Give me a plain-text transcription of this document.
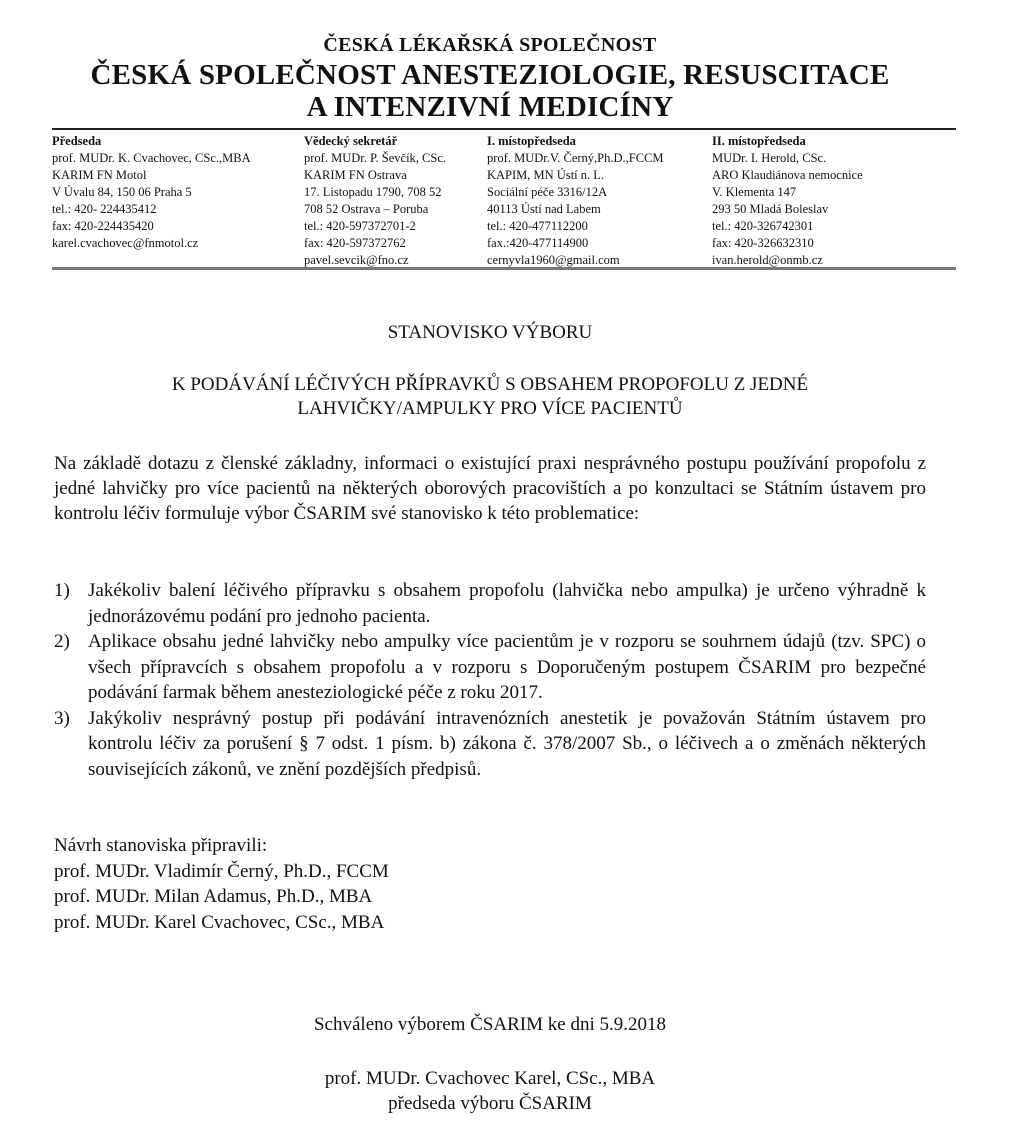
ČESKÁ LÉKAŘSKÁ SPOLEČNOST
ČESKÁ SPOLEČNOST ANESTEZIOLOGIE, RESUSCITACE
A INTENZIVNÍ MEDICÍNY
Předseda
prof. MUDr. K. Cvachovec, CSc.,MBA
KARIM FN Motol
V Úvalu 84, 150 06 Praha 5
tel.: 420- 224435412
fax: 420-224435420
karel.cvachovec@fnmotol.cz
Vědecký sekretář
prof. MUDr. P. Ševčík, CSc.
KARIM FN Ostrava
17. Listopadu 1790, 708 52
708 52 Ostrava – Poruba
tel.: 420-597372701-2
fax: 420-597372762
pavel.sevcik@fno.cz
I. místopředseda
prof. MUDr.V. Černý,Ph.D.,FCCM
KAPIM, MN Ústí n. L.
Sociální péče 3316/12A
40113 Ústí nad Labem
tel.: 420-477112200
fax.:420-477114900
cernyvla1960@gmail.com
II. místopředseda
MUDr. I. Herold, CSc.
ARO Klaudiánova nemocnice
V. Klementa 147
293 50 Mladá Boleslav
tel.: 420-326742301
fax: 420-326632310
ivan.herold@onmb.cz
STANOVISKO VÝBORU
K PODÁVÁNÍ LÉČIVÝCH PŘÍPRAVKŮ S OBSAHEM PROPOFOLU Z JEDNÉ
LAHVIČKY/AMPULKY PRO VÍCE PACIENTŮ
Na základě dotazu z členské základny, informaci o existující praxi nesprávného postupu používání propofolu z jedné lahvičky pro více pacientů na některých oborových pracovištích a po konzultaci se Státním ústavem pro kontrolu léčiv formuluje výbor ČSARIM své stanovisko k této problematice:
1) Jakékoliv balení léčivého přípravku s obsahem propofolu (lahvička nebo ampulka) je určeno výhradně k jednorázovému podání pro jednoho pacienta.
2) Aplikace obsahu jedné lahvičky nebo ampulky více pacientům je v rozporu se souhrnem údajů (tzv. SPC) o všech přípravcích s obsahem propofolu a v rozporu s Doporučeným postupem ČSARIM pro bezpečné podávání farmak během anesteziologické péče z roku 2017.
3) Jakýkoliv nesprávný postup při podávání intravenózních anestetik je považován Státním ústavem pro kontrolu léčiv za porušení § 7 odst. 1 písm. b) zákona č. 378/2007 Sb., o léčivech a o změnách některých souvisejících zákonů, ve znění pozdějších předpisů.
Návrh stanoviska připravili:
prof. MUDr. Vladimír Černý, Ph.D., FCCM
prof. MUDr. Milan Adamus, Ph.D., MBA
prof. MUDr. Karel Cvachovec, CSc., MBA
Schváleno výborem ČSARIM ke dni 5.9.2018
prof. MUDr. Cvachovec Karel, CSc., MBA
předseda výboru ČSARIM
